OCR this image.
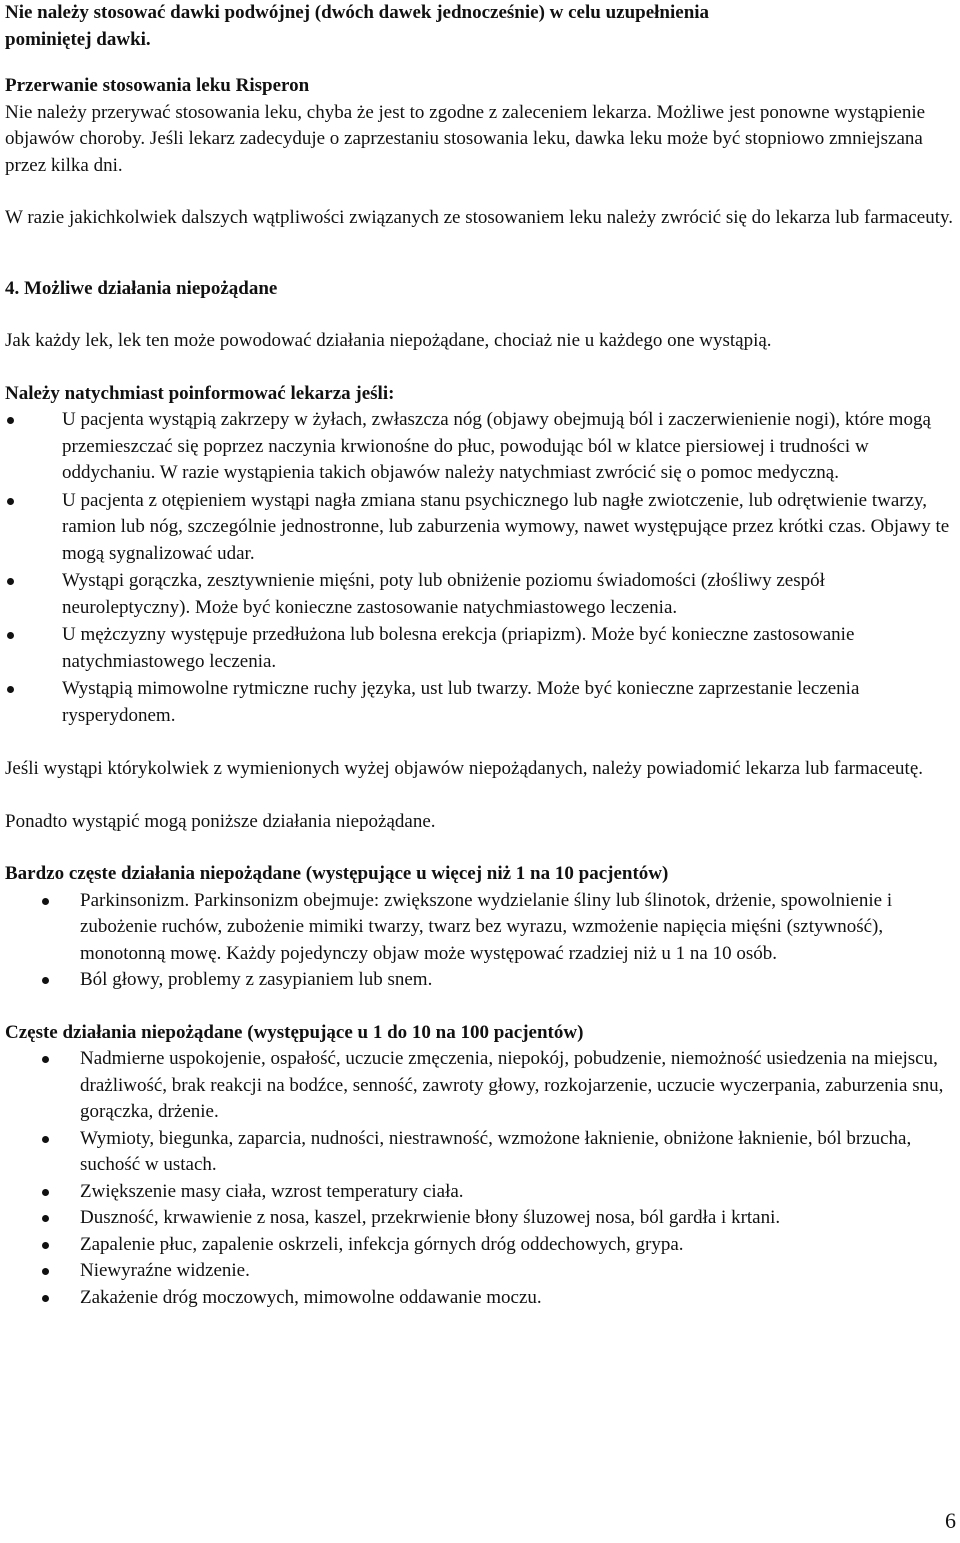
Nie należy stosować dawki podwójnej (dwóch dawek jednocześnie) w celu uzupełnienia

pominiętej dawki.

Przerwanie stosowania leku Risperon

Nie należy przerywać stosowania leku, chyba że jest to zgodne z zaleceniem lekarza. Możliwe jest ponowne wystąpienie objawów choroby. Jeśli lekarz zadecyduje o zaprzestaniu stosowania leku, dawka leku może być stopniowo zmniejszana przez kilka dni.

W razie jakichkolwiek dalszych wątpliwości związanych ze stosowaniem leku należy zwrócić się do lekarza lub farmaceuty.

4. Możliwe działania niepożądane

Jak każdy lek, lek ten może powodować działania niepożądane, chociaż nie u każdego one wystąpią.

Należy natychmiast poinformować lekarza jeśli:

U pacjenta wystąpią zakrzepy w żyłach, zwłaszcza nóg (objawy obejmują ból i zaczerwienienie nogi), które mogą przemieszczać się poprzez naczynia krwionośne do płuc, powodując ból w klatce piersiowej i trudności w oddychaniu. W razie wystąpienia takich objawów należy natychmiast zwrócić się o pomoc medyczną.
U pacjenta z otępieniem wystąpi nagła zmiana stanu psychicznego lub nagłe zwiotczenie, lub odrętwienie twarzy, ramion lub nóg, szczególnie jednostronne, lub zaburzenia wymowy, nawet występujące przez krótki czas. Objawy te mogą sygnalizować udar.
Wystąpi gorączka, zesztywnienie mięśni, poty lub obniżenie poziomu świadomości (złośliwy zespół neuroleptyczny). Może być konieczne zastosowanie natychmiastowego leczenia.
U mężczyzny występuje przedłużona lub bolesna erekcja (priapizm). Może być konieczne zastosowanie natychmiastowego leczenia.
Wystąpią mimowolne rytmiczne ruchy języka, ust lub twarzy. Może być konieczne zaprzestanie leczenia rysperydonem.

Jeśli wystąpi którykolwiek z wymienionych wyżej objawów niepożądanych, należy powiadomić lekarza lub farmaceutę.

Ponadto wystąpić mogą poniższe działania niepożądane.

Bardzo częste działania niepożądane (występujące u więcej niż 1 na 10 pacjentów)

Parkinsonizm. Parkinsonizm obejmuje: zwiększone wydzielanie śliny lub ślinotok, drżenie, spowolnienie i zubożenie ruchów, zubożenie mimiki twarzy, twarz bez wyrazu, wzmożenie napięcia mięśni (sztywność), monotonną mowę. Każdy pojedynczy objaw może występować rzadziej niż u 1 na 10 osób.
Ból głowy, problemy z zasypianiem lub snem.

Częste działania niepożądane (występujące u 1 do 10 na 100 pacjentów)

Nadmierne uspokojenie, ospałość, uczucie zmęczenia, niepokój, pobudzenie, niemożność usiedzenia na miejscu, drażliwość, brak reakcji na bodźce, senność, zawroty głowy, rozkojarzenie, uczucie wyczerpania, zaburzenia snu, gorączka, drżenie.
Wymioty, biegunka, zaparcia, nudności, niestrawność, wzmożone łaknienie, obniżone łaknienie, ból brzucha, suchość w ustach.
Zwiększenie masy ciała, wzrost temperatury ciała.
Duszność, krwawienie z nosa, kaszel, przekrwienie błony śluzowej nosa, ból gardła i krtani.
Zapalenie płuc, zapalenie oskrzeli, infekcja górnych dróg oddechowych, grypa.
Niewyraźne widzenie.
Zakażenie dróg moczowych, mimowolne oddawanie moczu.
6
